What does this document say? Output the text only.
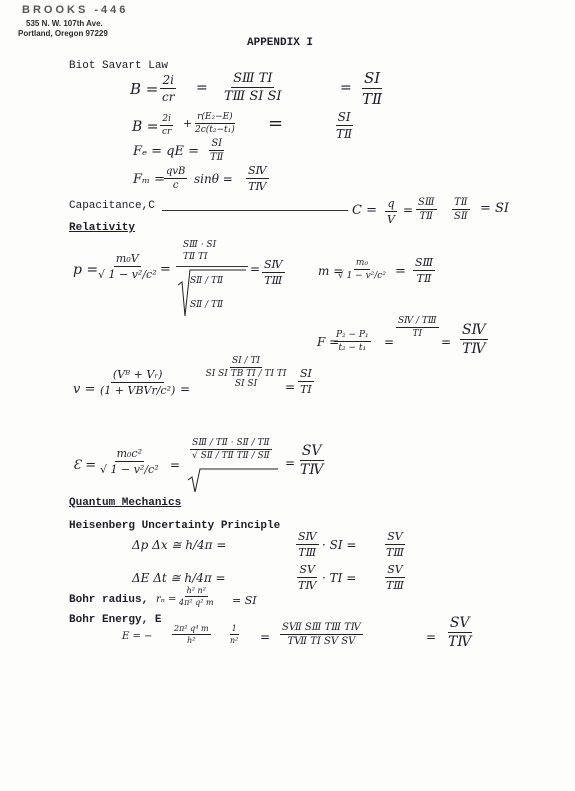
BROOKS -446
535 N. W. 107th Ave.
Portland, Oregon 97229
APPENDIX I
Biot Savart Law
$B = \frac{2i}{cr} = \frac{\text{SⅢ TⅠ}}{\text{TⅢ SⅠ SⅠ}}$	= $\frac{\text{SⅠ}}{\text{TⅡ}}$
$B = \frac{2i}{cr} + \frac{\text{r(E₂−E)}}{\text{2c(t₂−t₁)}}$ =	$\frac{\text{SⅠ}}{\text{TⅡ}}$
Fₑ = qE = $\frac{\text{SⅠ}}{\text{TⅡ}}$
Fₘ =
qvB
c $\sin\theta = \frac{\text{SⅣ}}{\text{TⅣ}}$
Capacitance,C	$C = \frac{q}{V} = \frac{\text{SⅢ}}{\text{TⅡ}} \frac{\text{TⅡ}}{\text{SⅡ}}$ = SⅠ
Relativity
p =
$\frac{\text{m₀V}}{\text{√ 1 − v²/c²}}$ =
SⅢ · SⅠ
TⅡ TⅠ
SⅡ / TⅡ
SⅡ / TⅡ
= $\frac{\text{SⅣ}}{\text{TⅢ}}$	m =
$\frac{\text{m₀}}{\text{√ 1 − v²/c²}} = \frac{\text{SⅢ}}{\text{TⅡ}}$
F =
$\frac{\text{P₂ − P₁}}{\text{t₂ − t₁}}$ =
$\frac{\text{SⅣ / TⅢ}}{\text{TⅠ}}$
= $\frac{\text{SⅣ}}{\text{TⅣ}}$
v =
(Vᴮ + Vᵣ)
(1 + VBVr/c²) = $\frac{\text{SⅠ / TⅠ}}{\text{SⅠ SⅠ TB TⅠ / TⅠ TⅠ SⅠ SⅠ}}$
= $\frac{\text{SⅠ}}{\text{TⅠ}}$
Ɛ = $\frac{\text{m₀c²}}{\text{√ 1 − v²/c²}}$ =
$\frac{\text{SⅢ / TⅡ · SⅡ / TⅡ}}{\text{√ SⅡ / TⅡ TⅡ / SⅡ}}$
= $\frac{\text{SⅤ}}{\text{TⅣ}}$
Quantum Mechanics
Heisenberg Uncertainty Principle
Δp Δx ≅ h/4π =	$\frac{\text{SⅣ}}{\text{TⅢ}}$ · SⅠ =	$\frac{\text{SⅤ}}{\text{TⅢ}}$
ΔE Δt ≅ h/4π =	$\frac{\text{SⅤ}}{\text{TⅣ}}$ · TⅠ =	$\frac{\text{SⅤ}}{\text{TⅢ}}$
Bohr radius, $r_n = \frac{\text{h² n²}}{\text{4π² q² m}}$ = SⅠ
Bohr Energy, E
E = − $\frac{\text{2π² q⁴ m}}{\text{h²}} \frac{1}{\text{n²}} = \frac{\text{SⅦ SⅢ TⅢ TⅣ}}{\text{TⅦ TⅠ SⅤ SⅤ}}$	= $\frac{\text{SⅤ}}{\text{TⅣ}}$
